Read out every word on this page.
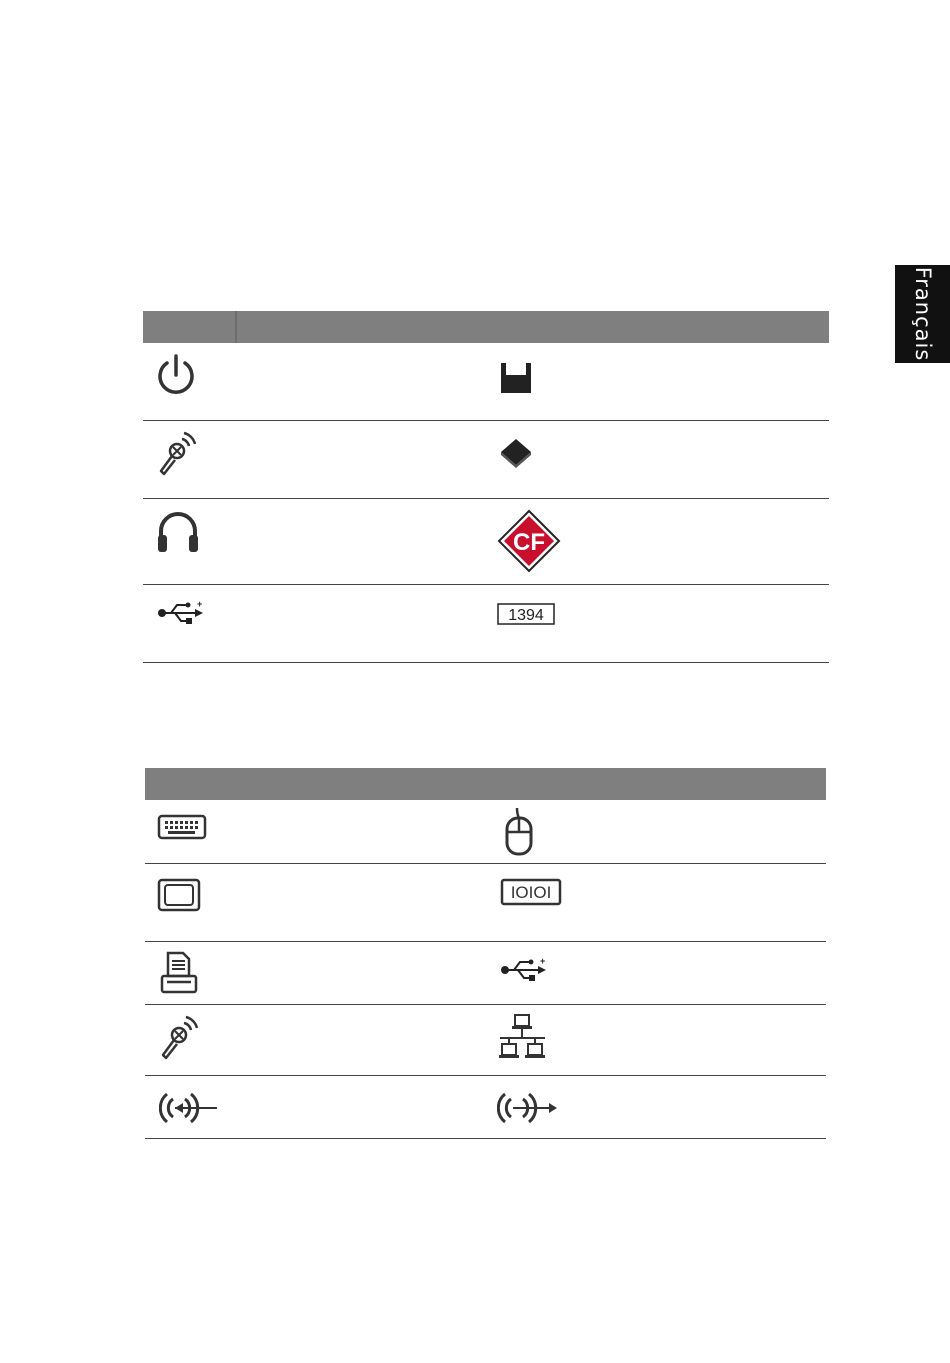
Français
CF
+
1394
IOIOI
+
